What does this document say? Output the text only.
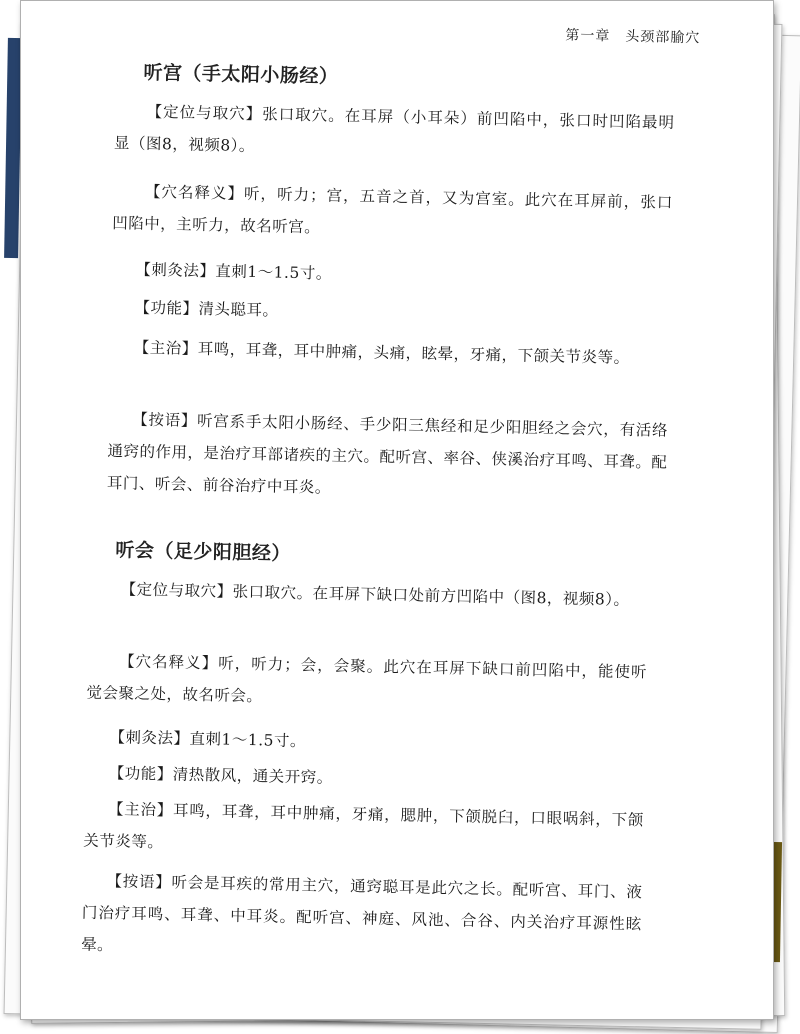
第一章　头颈部腧穴
听宫（手太阳小肠经）
【定位与取穴】张口取穴。在耳屏（小耳朵）前凹陷中，张口时凹陷最明显（图8，视频8）。
【穴名释义】听，听力；宫，五音之首，又为宫室。此穴在耳屏前，张口凹陷中，主听力，故名听宫。
【刺灸法】直刺1～1.5寸。
【功能】清头聪耳。
【主治】耳鸣，耳聋，耳中肿痛，头痛，眩晕，牙痛，下颌关节炎等。
【按语】听宫系手太阳小肠经、手少阳三焦经和足少阳胆经之会穴，有活络通窍的作用，是治疗耳部诸疾的主穴。配听宫、率谷、侠溪治疗耳鸣、耳聋。配耳门、听会、前谷治疗中耳炎。
听会（足少阳胆经）
【定位与取穴】张口取穴。在耳屏下缺口处前方凹陷中（图8，视频8）。
【穴名释义】听，听力；会，会聚。此穴在耳屏下缺口前凹陷中，能使听觉会聚之处，故名听会。
【刺灸法】直刺1～1.5寸。
【功能】清热散风，通关开窍。
【主治】耳鸣，耳聋，耳中肿痛，牙痛，腮肿，下颌脱臼，口眼㖞斜，下颌关节炎等。
【按语】听会是耳疾的常用主穴，通窍聪耳是此穴之长。配听宫、耳门、液门治疗耳鸣、耳聋、中耳炎。配听宫、神庭、风池、合谷、内关治疗耳源性眩晕。
